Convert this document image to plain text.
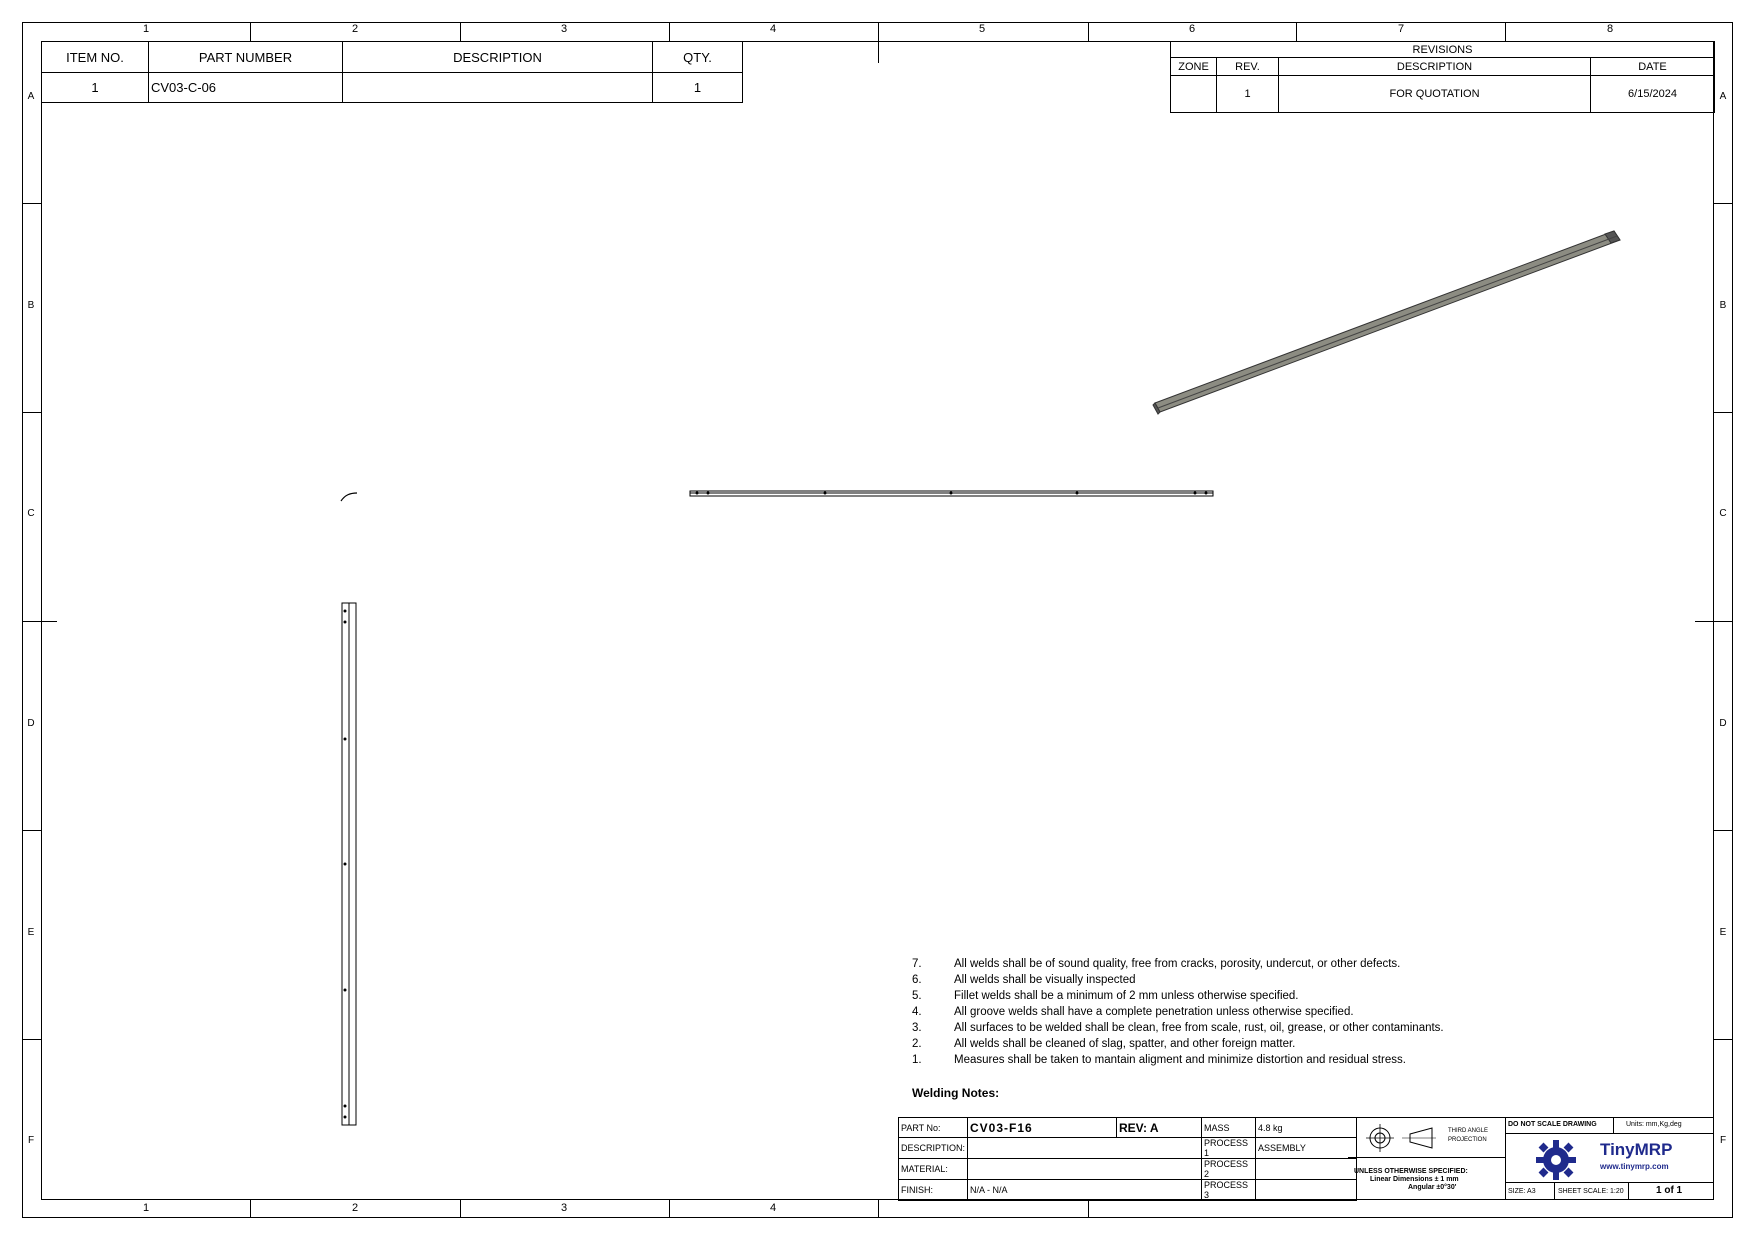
1	2	3	4	5	6	7	8
1	2	3	4
A
B
C
D
E
F
A
B
C
D
E
F
ITEM NO.	PART NUMBER	DESCRIPTION	QTY.
1	CV03-C-06		1
REVISIONS			
ZONE	REV.	DESCRIPTION	DATE
	1	FOR QUOTATION	6/15/2024
7.	All welds shall be of sound quality, free from cracks, porosity, undercut, or other defects.
6.	All welds shall be visually inspected
5.	Fillet welds shall be a minimum of 2 mm unless otherwise specified.
4.	All groove welds shall have a complete penetration unless otherwise specified.
3.	All surfaces to be welded shall be clean, free from scale, rust, oil, grease, or other contaminants.
2.	All welds shall be cleaned of slag, spatter, and other foreign matter.
1.	Measures shall be taken to mantain aligment and minimize distortion and residual stress.
Welding Notes:
PART No:	CV03-F16	REV: A	MASS	4.8 kg
DESCRIPTION:			PROCESS 1	ASSEMBLY
MATERIAL:			PROCESS 2	
FINISH:	N/A - N/A		PROCESS 3	
THIRD ANGLE
PROJECTION
UNLESS OTHERWISE SPECIFIED:
Linear Dimensions ± 1 mm
Angular ±0°30'
DO NOT SCALE DRAWING	Units: mm,Kg,deg
TinyMRP
www.tinymrp.com
SIZE: A3	SHEET SCALE: 1:20	1 of 1
